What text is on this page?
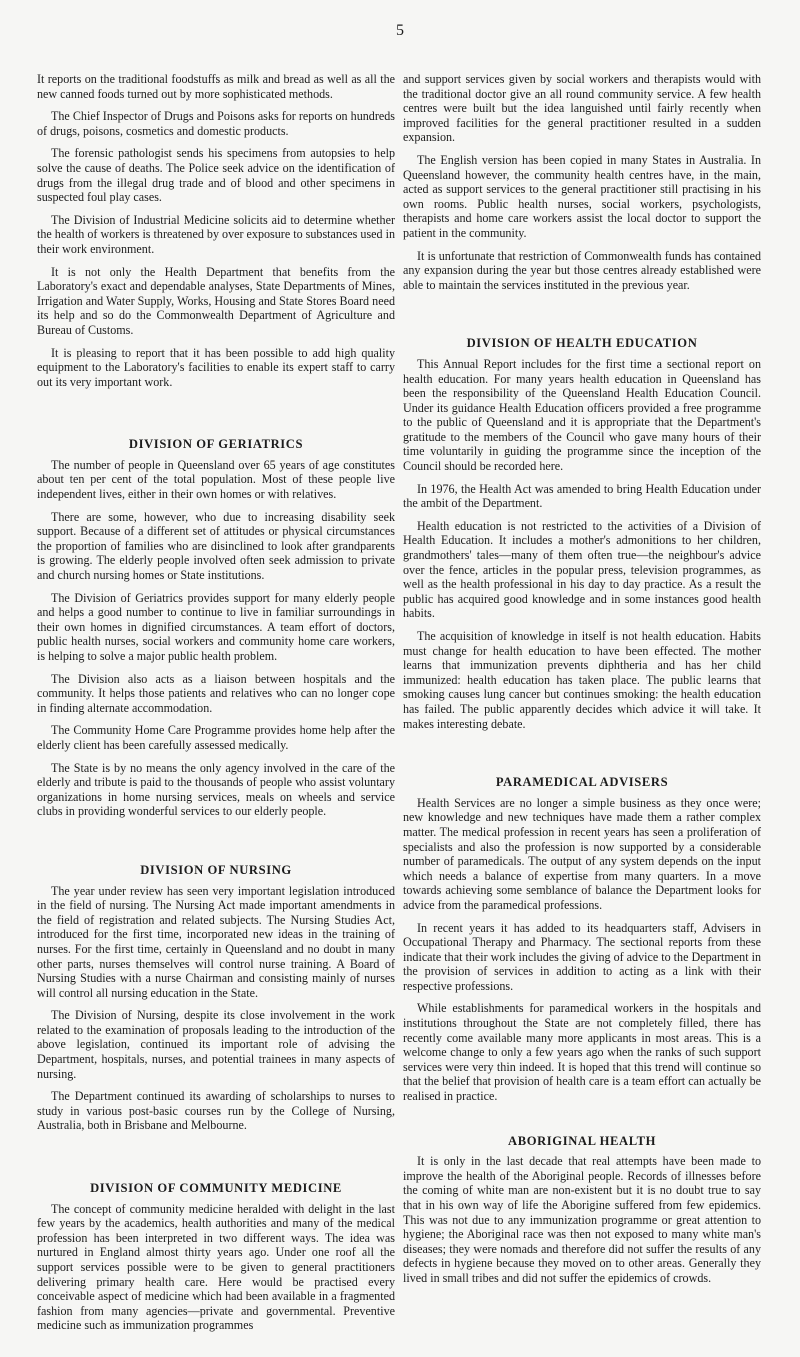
5

It reports on the traditional foodstuffs as milk and bread as well as all the new canned foods turned out by more sophisticated methods.

The Chief Inspector of Drugs and Poisons asks for reports on hundreds of drugs, poisons, cosmetics and domestic products.

The forensic pathologist sends his specimens from autopsies to help solve the cause of deaths. The Police seek advice on the identification of drugs from the illegal drug trade and of blood and other specimens in suspected foul play cases.

The Division of Industrial Medicine solicits aid to determine whether the health of workers is threatened by over exposure to substances used in their work environment.

It is not only the Health Department that benefits from the Laboratory's exact and dependable analyses, State Departments of Mines, Irrigation and Water Supply, Works, Housing and State Stores Board need its help and so do the Commonwealth Department of Agriculture and Bureau of Customs.

It is pleasing to report that it has been possible to add high quality equipment to the Laboratory's facilities to enable its expert staff to carry out its very important work.

DIVISION OF GERIATRICS

The number of people in Queensland over 65 years of age constitutes about ten per cent of the total population. Most of these people live independent lives, either in their own homes or with relatives.

There are some, however, who due to increasing disability seek support. Because of a different set of attitudes or physical circumstances the proportion of families who are disinclined to look after grandparents is growing. The elderly people involved often seek admission to private and church nursing homes or State institutions.

The Division of Geriatrics provides support for many elderly people and helps a good number to continue to live in familiar surroundings in their own homes in dignified circumstances. A team effort of doctors, public health nurses, social workers and community home care workers, is helping to solve a major public health problem.

The Division also acts as a liaison between hospitals and the community. It helps those patients and relatives who can no longer cope in finding alternate accommodation.

The Community Home Care Programme provides home help after the elderly client has been carefully assessed medically.

The State is by no means the only agency involved in the care of the elderly and tribute is paid to the thousands of people who assist voluntary organizations in home nursing services, meals on wheels and service clubs in providing wonderful services to our elderly people.

DIVISION OF NURSING

The year under review has seen very important legislation introduced in the field of nursing. The Nursing Act made important amendments in the field of registration and related subjects. The Nursing Studies Act, introduced for the first time, incorporated new ideas in the training of nurses. For the first time, certainly in Queensland and no doubt in many other parts, nurses themselves will control nurse training. A Board of Nursing Studies with a nurse Chairman and consisting mainly of nurses will control all nursing education in the State.

The Division of Nursing, despite its close involvement in the work related to the examination of proposals leading to the introduction of the above legislation, continued its important role of advising the Department, hospitals, nurses, and potential trainees in many aspects of nursing.

The Department continued its awarding of scholarships to nurses to study in various post-basic courses run by the College of Nursing, Australia, both in Brisbane and Melbourne.

DIVISION OF COMMUNITY MEDICINE

The concept of community medicine heralded with delight in the last few years by the academics, health authorities and many of the medical profession has been interpreted in two different ways. The idea was nurtured in England almost thirty years ago. Under one roof all the support services possible were to be given to general practitioners delivering primary health care. Here would be practised every conceivable aspect of medicine which had been available in a fragmented fashion from many agencies—private and governmental. Preventive medicine such as immunization programmes

and support services given by social workers and therapists would with the traditional doctor give an all round community service. A few health centres were built but the idea languished until fairly recently when improved facilities for the general practitioner resulted in a sudden expansion.

The English version has been copied in many States in Australia. In Queensland however, the community health centres have, in the main, acted as support services to the general practitioner still practising in his own rooms. Public health nurses, social workers, psychologists, therapists and home care workers assist the local doctor to support the patient in the community.

It is unfortunate that restriction of Commonwealth funds has contained any expansion during the year but those centres already established were able to maintain the services instituted in the previous year.

DIVISION OF HEALTH EDUCATION

This Annual Report includes for the first time a sectional report on health education. For many years health education in Queensland has been the responsibility of the Queensland Health Education Council. Under its guidance Health Education officers provided a free programme to the public of Queensland and it is appropriate that the Department's gratitude to the members of the Council who gave many hours of their time voluntarily in guiding the programme since the inception of the Council should be recorded here.

In 1976, the Health Act was amended to bring Health Education under the ambit of the Department.

Health education is not restricted to the activities of a Division of Health Education. It includes a mother's admonitions to her children, grandmothers' tales—many of them often true—the neighbour's advice over the fence, articles in the popular press, television programmes, as well as the health professional in his day to day practice. As a result the public has acquired good knowledge and in some instances good health habits.

The acquisition of knowledge in itself is not health education. Habits must change for health education to have been effected. The mother learns that immunization prevents diphtheria and has her child immunized: health education has taken place. The public learns that smoking causes lung cancer but continues smoking: the health education has failed. The public apparently decides which advice it will take. It makes interesting debate.

PARAMEDICAL ADVISERS

Health Services are no longer a simple business as they once were; new knowledge and new techniques have made them a rather complex matter. The medical profession in recent years has seen a proliferation of specialists and also the profession is now supported by a considerable number of paramedicals. The output of any system depends on the input which needs a balance of expertise from many quarters. In a move towards achieving some semblance of balance the Department looks for advice from the paramedical professions.

In recent years it has added to its headquarters staff, Advisers in Occupational Therapy and Pharmacy. The sectional reports from these indicate that their work includes the giving of advice to the Department in the provision of services in addition to acting as a link with their respective professions.

While establishments for paramedical workers in the hospitals and institutions throughout the State are not completely filled, there has recently come available many more applicants in most areas. This is a welcome change to only a few years ago when the ranks of such support services were very thin indeed. It is hoped that this trend will continue so that the belief that provision of health care is a team effort can actually be realised in practice.

ABORIGINAL HEALTH

It is only in the last decade that real attempts have been made to improve the health of the Aboriginal people. Records of illnesses before the coming of white man are non-existent but it is no doubt true to say that in his own way of life the Aborigine suffered from few epidemics. This was not due to any immunization programme or great attention to hygiene; the Aboriginal race was then not exposed to many white man's diseases; they were nomads and therefore did not suffer the results of any defects in hygiene because they moved on to other areas. Generally they lived in small tribes and did not suffer the epidemics of crowds.
